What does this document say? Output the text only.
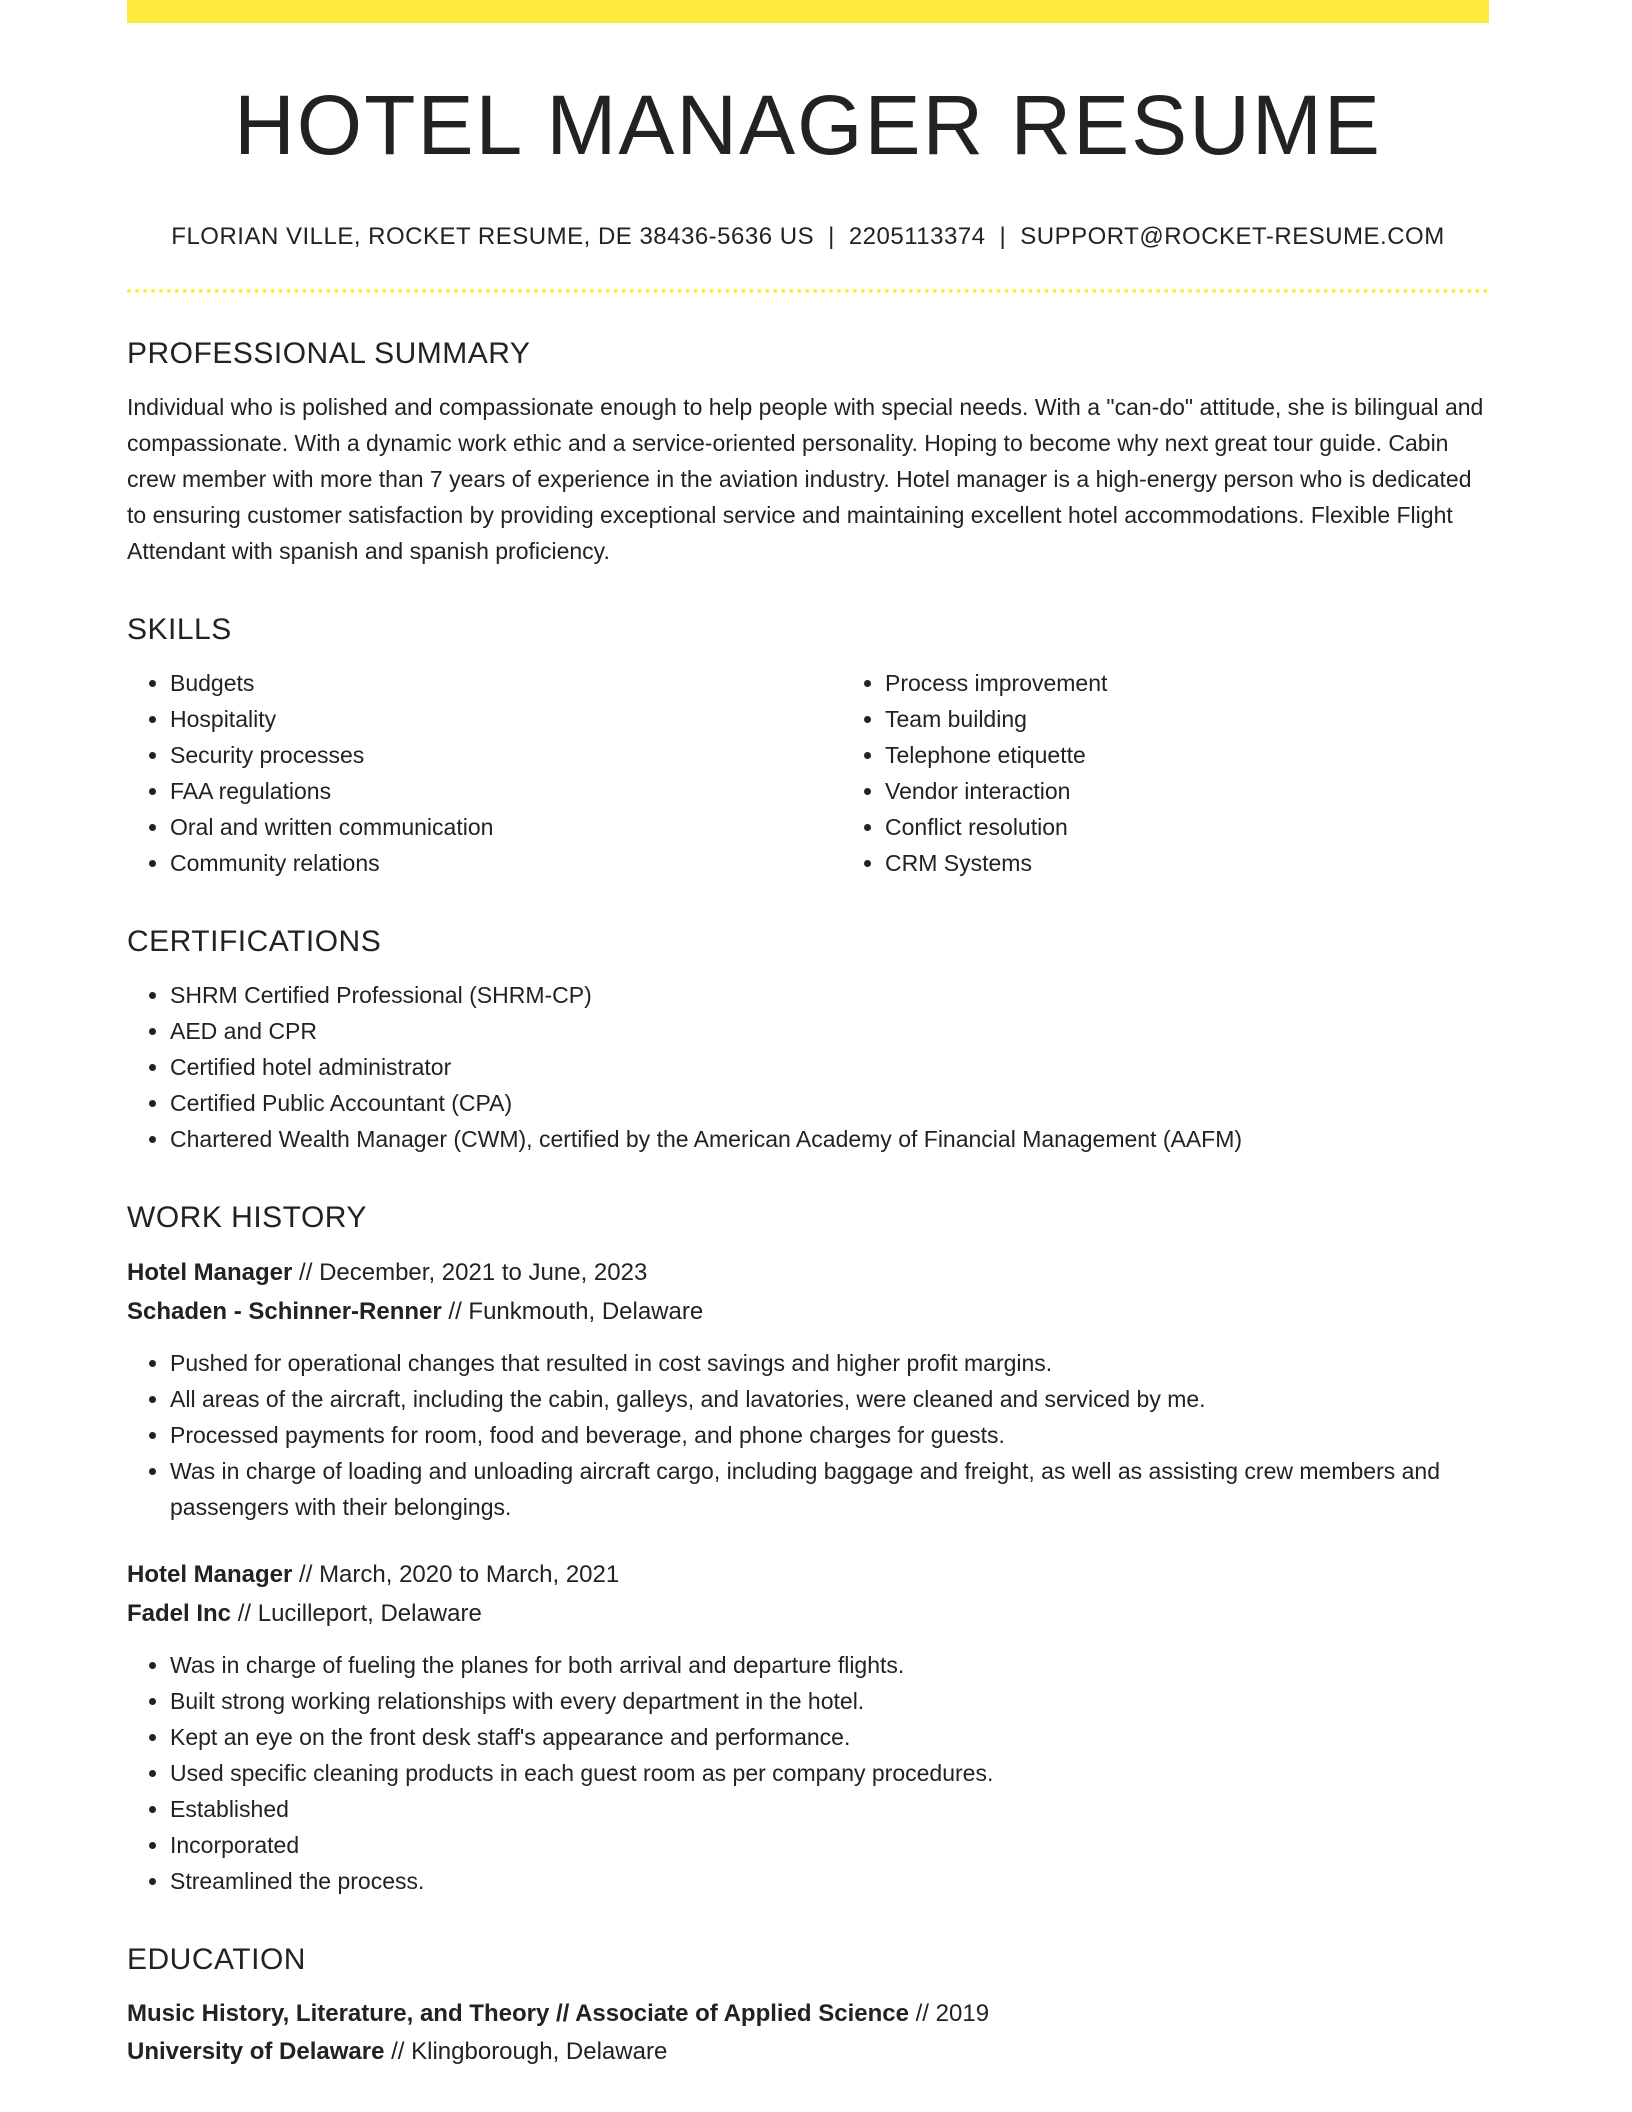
HOTEL MANAGER RESUME
FLORIAN VILLE, ROCKET RESUME, DE 38436-5636 US | 2205113374 | SUPPORT@ROCKET-RESUME.COM
PROFESSIONAL SUMMARY

Individual who is polished and compassionate enough to help people with special needs. With a "can-do" attitude, she is bilingual and compassionate. With a dynamic work ethic and a service-oriented personality. Hoping to become why next great tour guide. Cabin crew member with more than 7 years of experience in the aviation industry. Hotel manager is a high-energy person who is dedicated to ensuring customer satisfaction by providing exceptional service and maintaining excellent hotel accommodations. Flexible Flight Attendant with spanish and spanish proficiency.

SKILLS
• Budgets
• Hospitality
• Security processes
• FAA regulations
• Oral and written communication
• Community relations
• Process improvement
• Team building
• Telephone etiquette
• Vendor interaction
• Conflict resolution
• CRM Systems
CERTIFICATIONS
• SHRM Certified Professional (SHRM-CP)
• AED and CPR
• Certified hotel administrator
• Certified Public Accountant (CPA)
• Chartered Wealth Manager (CWM), certified by the American Academy of Financial Management (AAFM)
WORK HISTORY
Hotel Manager // December, 2021 to June, 2023
Schaden - Schinner-Renner // Funkmouth, Delaware
• Pushed for operational changes that resulted in cost savings and higher profit margins.
• All areas of the aircraft, including the cabin, galleys, and lavatories, were cleaned and serviced by me.
• Processed payments for room, food and beverage, and phone charges for guests.
• Was in charge of loading and unloading aircraft cargo, including baggage and freight, as well as assisting crew members and passengers with their belongings.
Hotel Manager // March, 2020 to March, 2021
Fadel Inc // Lucilleport, Delaware
• Was in charge of fueling the planes for both arrival and departure flights.
• Built strong working relationships with every department in the hotel.
• Kept an eye on the front desk staff's appearance and performance.
• Used specific cleaning products in each guest room as per company procedures.
• Established
• Incorporated
• Streamlined the process.
EDUCATION
Music History, Literature, and Theory // Associate of Applied Science // 2019
University of Delaware // Klingborough, Delaware
